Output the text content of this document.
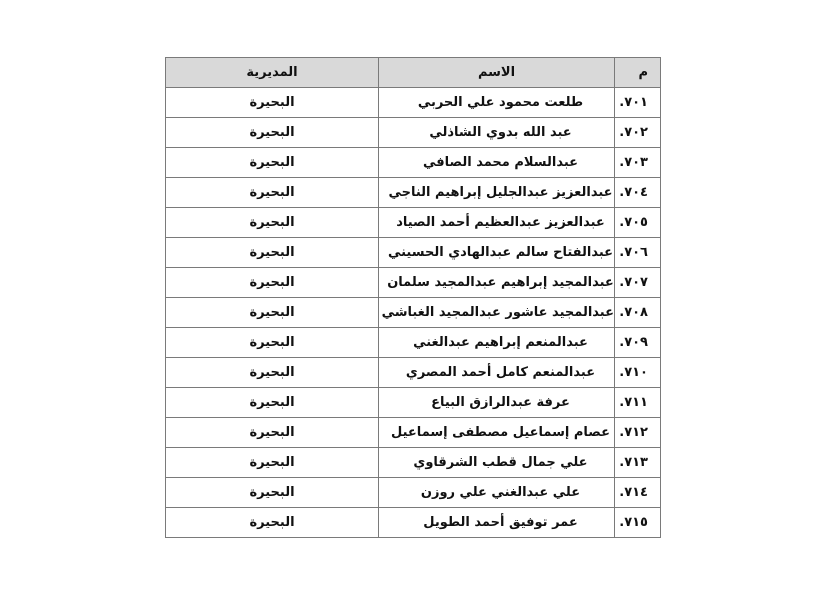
م	الاسم	المديرية
٧٠١.	طلعت محمود علي الحربي	البحيرة
٧٠٢.	عبد الله بدوي الشاذلي	البحيرة
٧٠٣.	عبدالسلام محمد الصافي	البحيرة
٧٠٤.	عبدالعزيز عبدالجليل إبراهيم الناجي	البحيرة
٧٠٥.	عبدالعزيز عبدالعظيم أحمد الصياد	البحيرة
٧٠٦.	عبدالفتاح سالم عبدالهادي الحسيني	البحيرة
٧٠٧.	عبدالمجيد إبراهيم عبدالمجيد سلمان	البحيرة
٧٠٨.	عبدالمجيد عاشور عبدالمجيد الغباشي	البحيرة
٧٠٩.	عبدالمنعم إبراهيم عبدالغني	البحيرة
٧١٠.	عبدالمنعم كامل أحمد المصري	البحيرة
٧١١.	عرفة عبدالرازق البياع	البحيرة
٧١٢.	عصام إسماعيل مصطفى إسماعيل	البحيرة
٧١٣.	علي جمال قطب الشرقاوي	البحيرة
٧١٤.	علي عبدالغني علي روزن	البحيرة
٧١٥.	عمر توفيق أحمد الطويل	البحيرة
